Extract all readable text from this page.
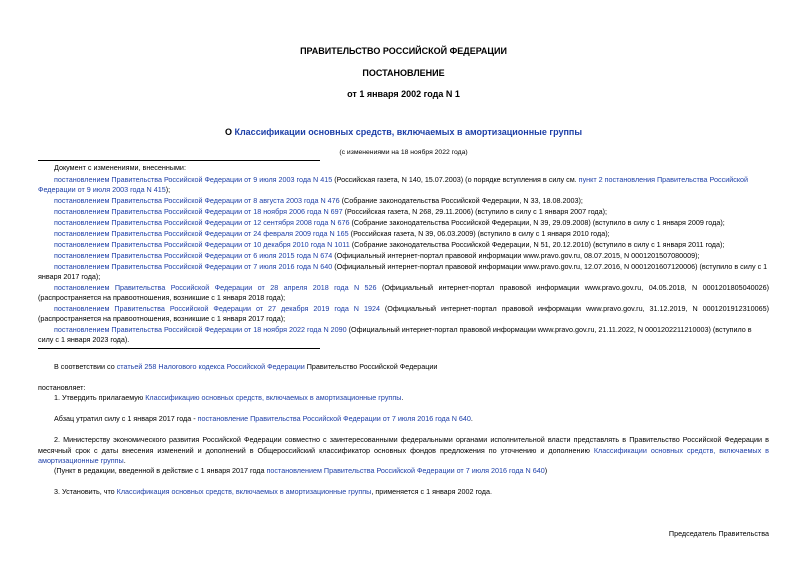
ПРАВИТЕЛЬСТВО РОССИЙСКОЙ ФЕДЕРАЦИИ
ПОСТАНОВЛЕНИЕ
от 1 января 2002 года N 1
О Классификации основных средств, включаемых в амортизационные группы
(с изменениями на 18 ноября 2022 года)
Документ с изменениями, внесенными:
постановлением Правительства Российской Федерации от 9 июля 2003 года N 415 (Российская газета, N 140, 15.07.2003) (о порядке вступления в силу см. пункт 2 постановления Правительства Российской
Федерации от 9 июля 2003 года N 415);
постановлением Правительства Российской Федерации от 8 августа 2003 года N 476 (Собрание законодательства Российской Федерации, N 33, 18.08.2003);
постановлением Правительства Российской Федерации от 18 ноября 2006 года N 697 (Российская газета, N 268, 29.11.2006) (вступило в силу с 1 января 2007 года);
постановлением Правительства Российской Федерации от 12 сентября 2008 года N 676 (Собрание законодательства Российской Федерации, N 39, 29.09.2008) (вступило в силу с 1 января 2009 года);
постановлением Правительства Российской Федерации от 24 февраля 2009 года N 165 (Российская газета, N 39, 06.03.2009) (вступило в силу с 1 января 2010 года);
постановлением Правительства Российской Федерации от 10 декабря 2010 года N 1011 (Собрание законодательства Российской Федерации, N 51, 20.12.2010) (вступило в силу с 1 января 2011 года);
постановлением Правительства Российской Федерации от 6 июля 2015 года N 674 (Официальный интернет-портал правовой информации www.pravo.gov.ru, 08.07.2015, N 0001201507080009);
постановлением Правительства Российской Федерации от 7 июля 2016 года N 640 (Официальный интернет-портал правовой информации www.pravo.gov.ru, 12.07.2016, N 0001201607120006) (вступило в силу с 1
января 2017 года);
постановлением Правительства Российской Федерации от 28 апреля 2018 года N 526 (Официальный интернет-портал правовой информации www.pravo.gov.ru, 04.05.2018, N 0001201805040026)
(распространяется на правоотношения, возникшие с 1 января 2018 года);
постановлением Правительства Российской Федерации от 27 декабря 2019 года N 1924 (Официальный интернет-портал правовой информации www.pravo.gov.ru, 31.12.2019, N 0001201912310065)
(распространяется на правоотношения, возникшие с 1 января 2017 года);
постановлением Правительства Российской Федерации от 18 ноября 2022 года N 2090 (Официальный интернет-портал правовой информации www.pravo.gov.ru, 21.11.2022, N 0001202211210003) (вступило в
силу с 1 января 2023 года).
В соответствии со статьей 258 Налогового кодекса Российской Федерации Правительство Российской Федерации
постановляет:
1. Утвердить прилагаемую Классификацию основных средств, включаемых в амортизационные группы.
Абзац утратил силу с 1 января 2017 года - постановление Правительства Российской Федерации от 7 июля 2016 года N 640.
2. Министерству экономического развития Российской Федерации совместно с заинтересованными федеральными органами исполнительной власти представлять в Правительство Российской Федерации в
месячный срок с даты внесения изменений и дополнений в Общероссийский классификатор основных фондов предложения по уточнению и дополнению Классификации основных средств, включаемых в
амортизационные группы.
(Пункт в редакции, введенной в действие с 1 января 2017 года постановлением Правительства Российской Федерации от 7 июля 2016 года N 640)
3. Установить, что Классификация основных средств, включаемых в амортизационные группы, применяется с 1 января 2002 года.
Председатель Правительства
